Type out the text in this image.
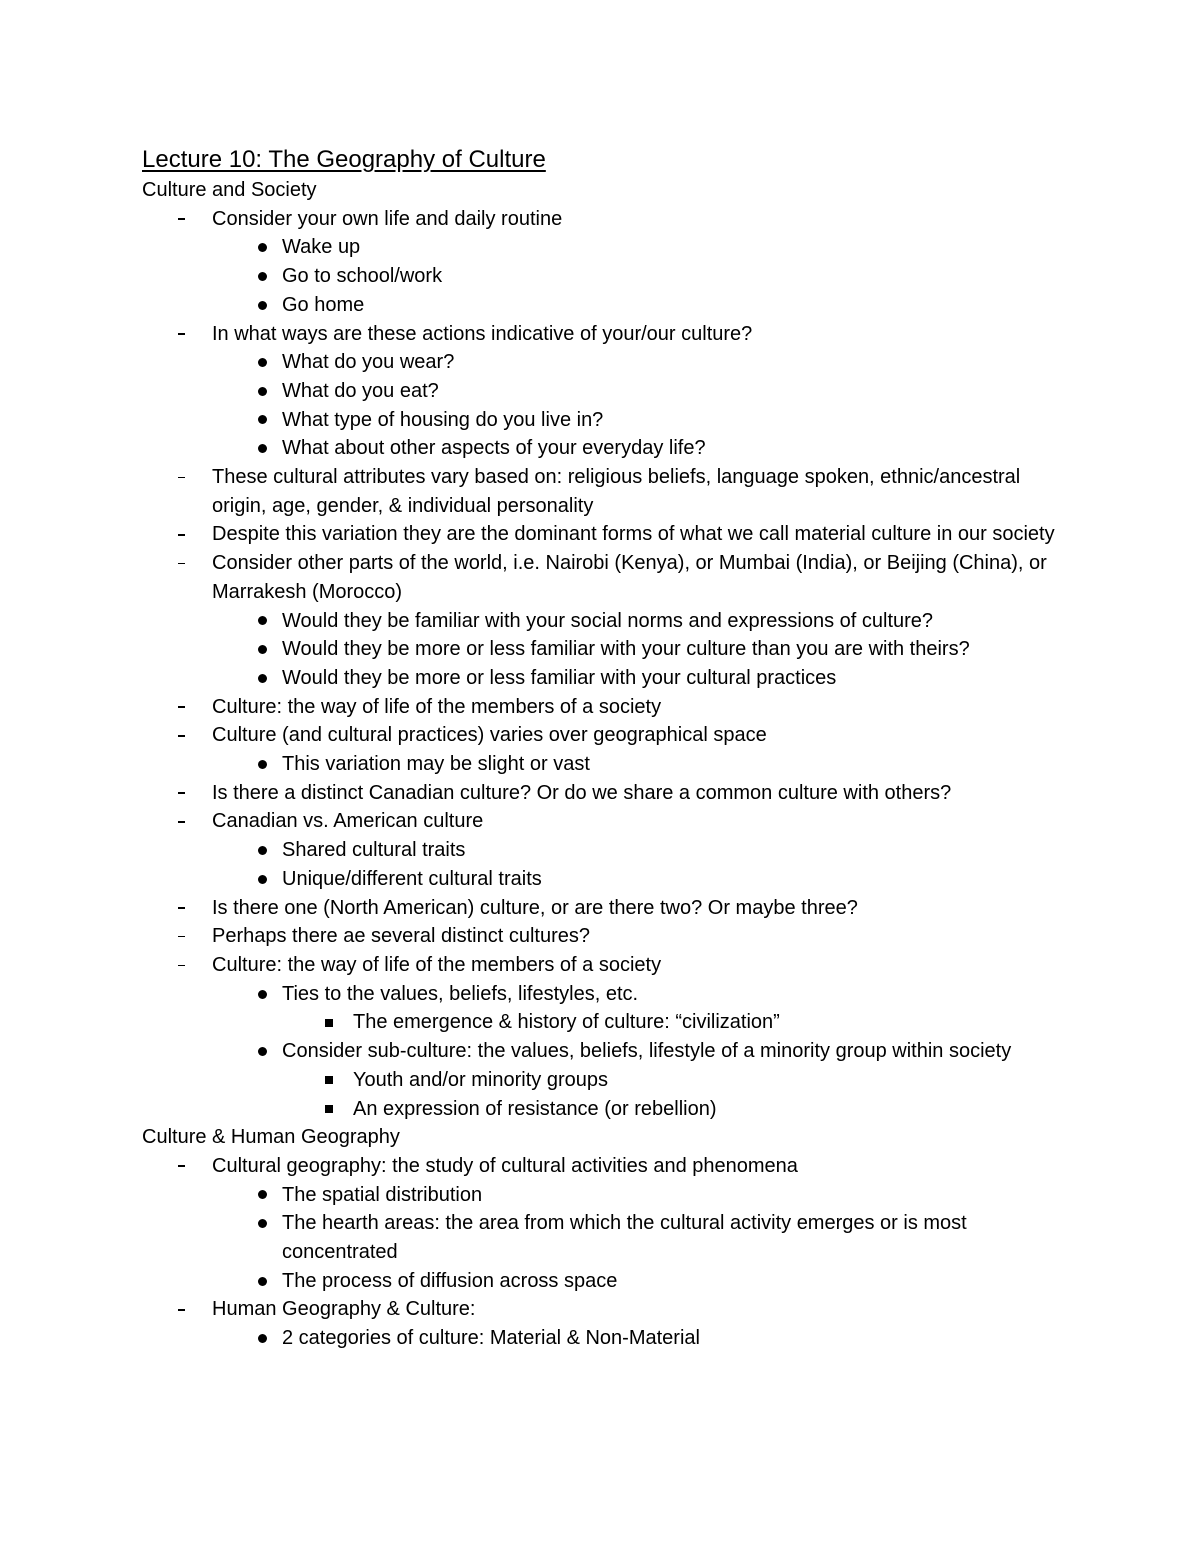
Lecture 10: The Geography of Culture
Culture and Society
Consider your own life and daily routine
Wake up
Go to school/work
Go home
In what ways are these actions indicative of your/our culture?
What do you wear?
What do you eat?
What type of housing do you live in?
What about other aspects of your everyday life?
These cultural attributes vary based on: religious beliefs, language spoken, ethnic/ancestral origin, age, gender, & individual personality
Despite this variation they are the dominant forms of what we call material culture in our society
Consider other parts of the world, i.e. Nairobi (Kenya), or Mumbai (India), or Beijing (China), or Marrakesh (Morocco)
Would they be familiar with your social norms and expressions of culture?
Would they be more or less familiar with your culture than you are with theirs?
Would they be more or less familiar with your cultural practices
Culture: the way of life of the members of a society
Culture (and cultural practices) varies over geographical space
This variation may be slight or vast
Is there a distinct Canadian culture? Or do we share a common culture with others?
Canadian vs. American culture
Shared cultural traits
Unique/different cultural traits
Is there one (North American) culture, or are there two? Or maybe three?
Perhaps there ae several distinct cultures?
Culture: the way of life of the members of a society
Ties to the values, beliefs, lifestyles, etc.
The emergence & history of culture: “civilization”
Consider sub-culture: the values, beliefs, lifestyle of a minority group within society
Youth and/or minority groups
An expression of resistance (or rebellion)
Culture & Human Geography
Cultural geography: the study of cultural activities and phenomena
The spatial distribution
The hearth areas: the area from which the cultural activity emerges or is most concentrated
The process of diffusion across space
Human Geography & Culture:
2 categories of culture: Material & Non-Material
